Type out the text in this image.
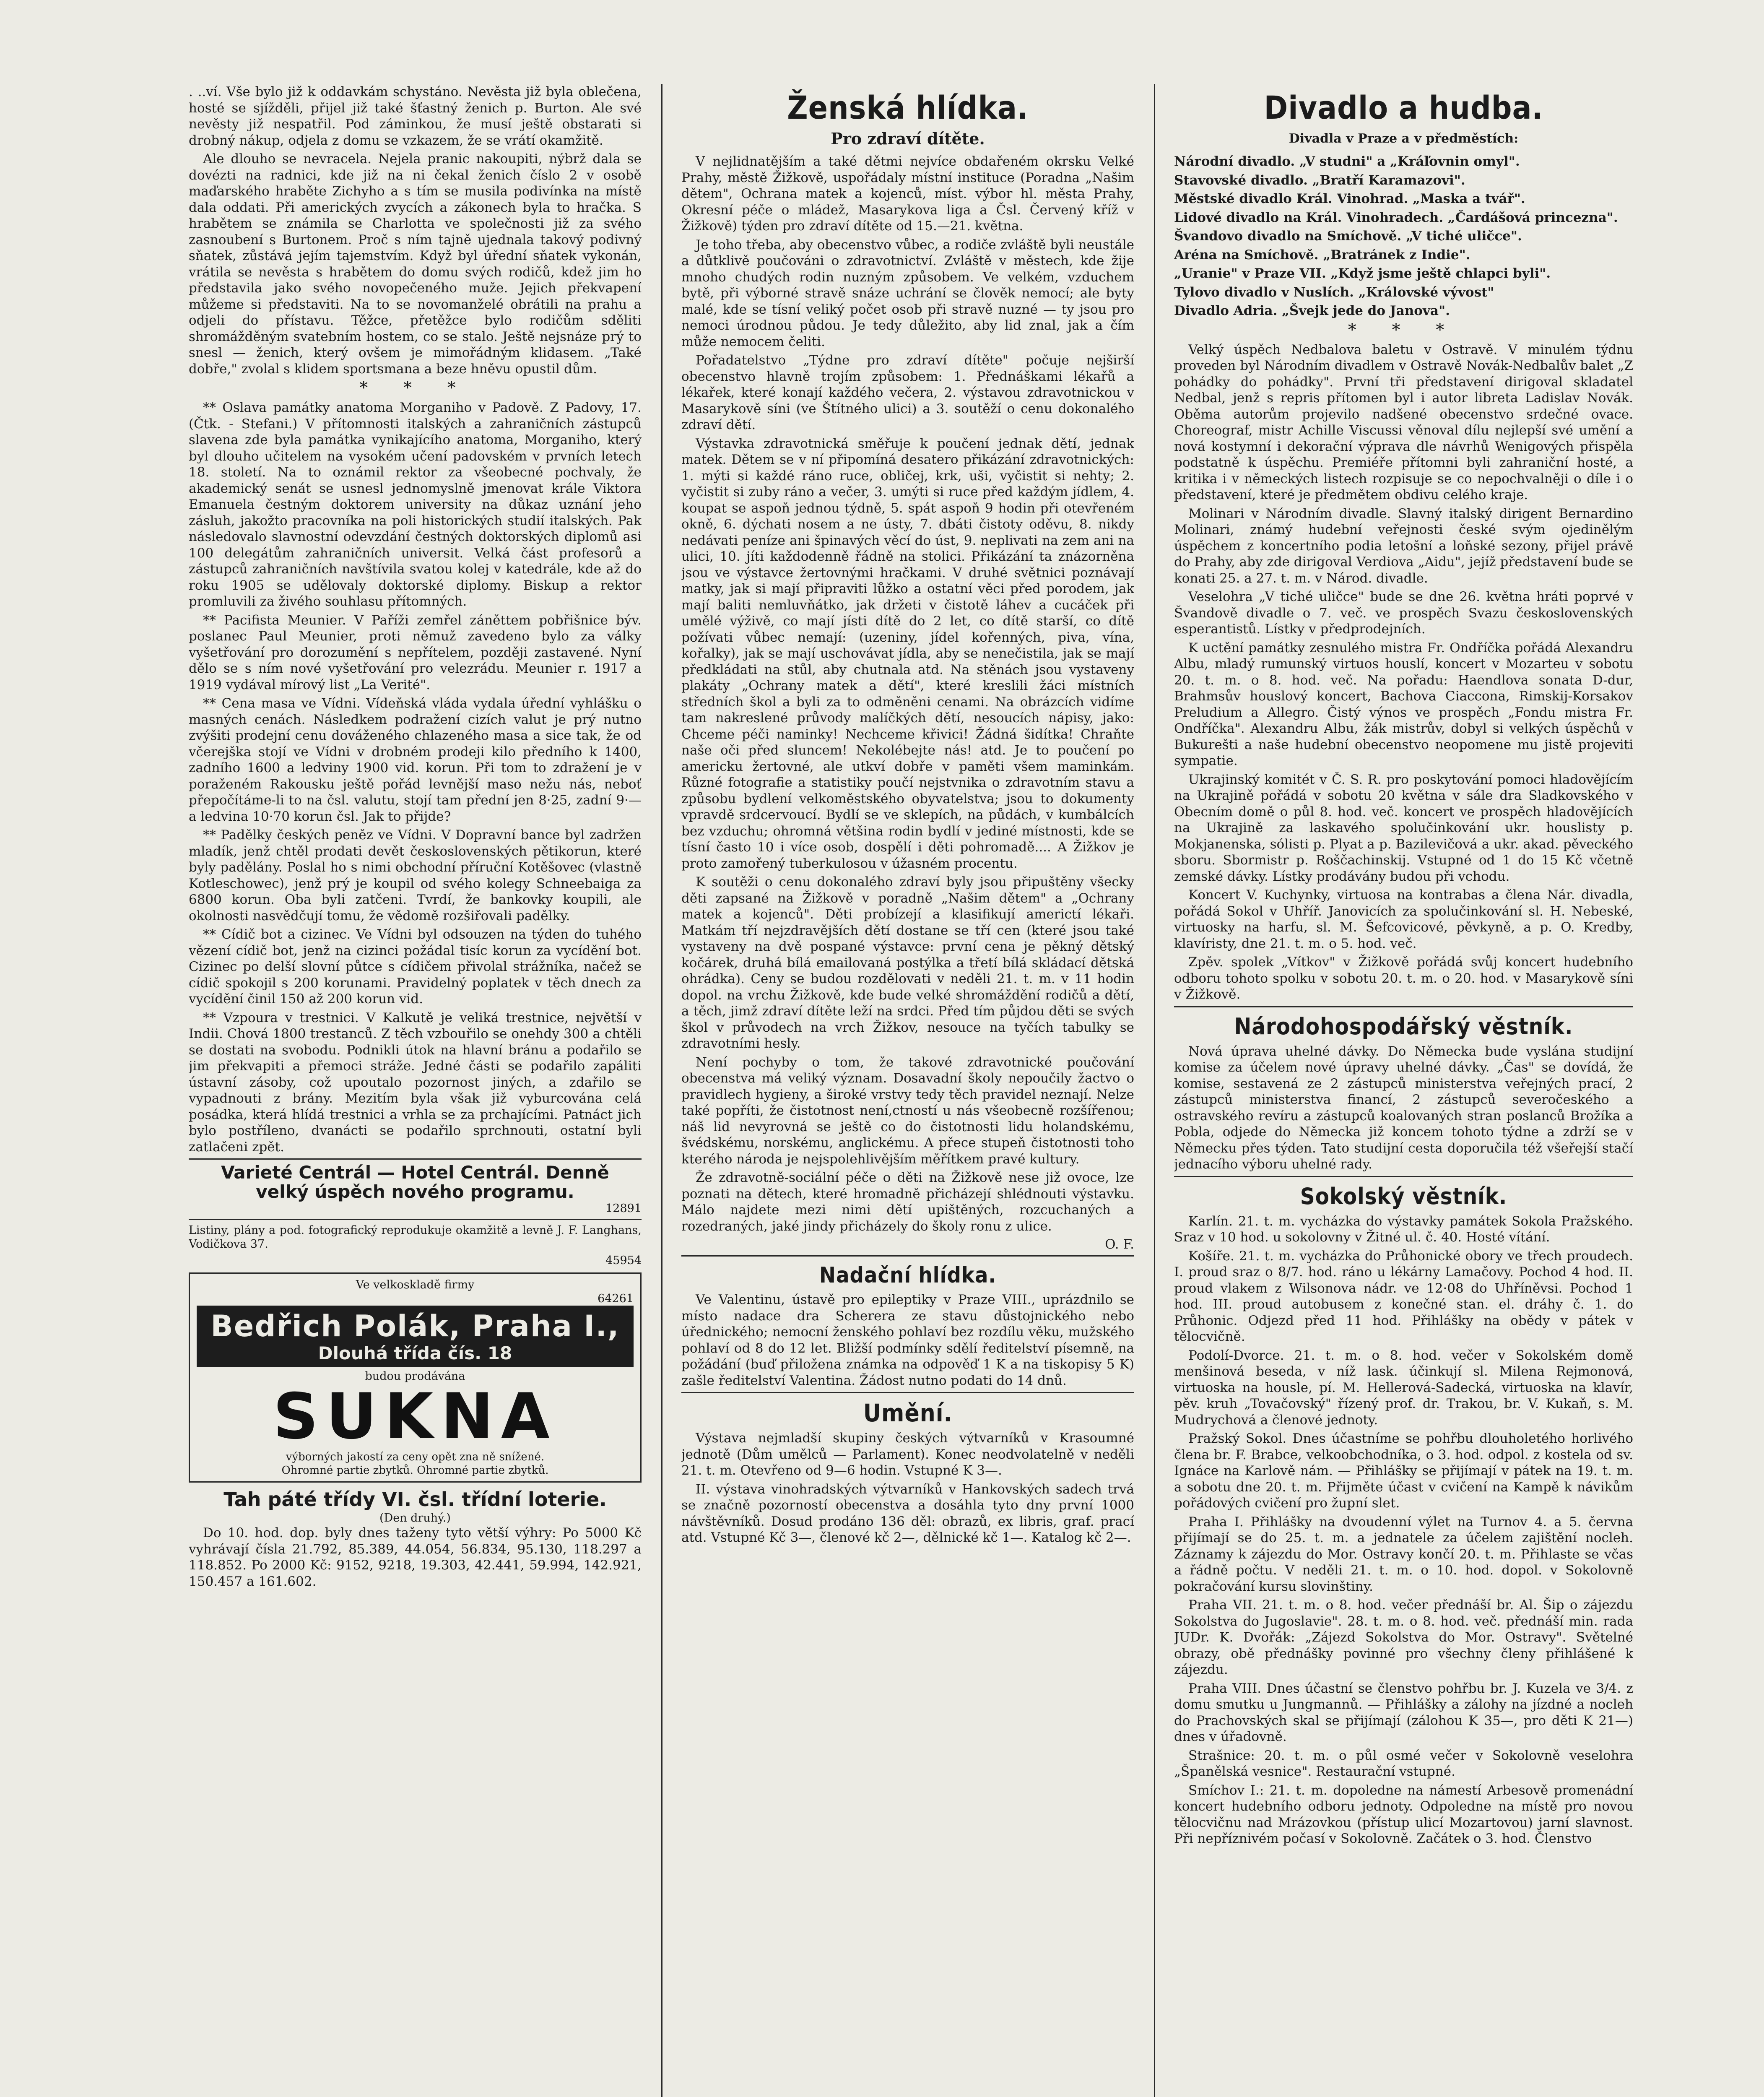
. ..ví. Vše bylo již k oddavkám schystáno. Nevěsta již byla oblečena, hosté se sjížděli, přijel již také šťastný ženich p. Burton. Ale své nevěsty již nespatřil. Pod záminkou, že musí ještě obstarati si drobný nákup, odjela z domu se vzkazem, že se vrátí okamžitě.

Ale dlouho se nevracela. Nejela pranic nakoupiti, nýbrž dala se dovézti na radnici, kde již na ni čekal ženich číslo 2 v osobě maďarského hraběte Zichyho a s tím se musila podivínka na místě dala oddati. Při amerických zvycích a zákonech byla to hračka. S hrabětem se známila se Charlotta ve společnosti již za svého zasnoubení s Burtonem. Proč s ním tajně ujednala takový podivný sňatek, zůstává jejím tajemstvím. Když byl úřední sňatek vykonán, vrátila se nevěsta s hrabětem do domu svých rodičů, kdež jim ho představila jako svého novopečeného muže. Jejich překvapení můžeme si představiti. Na to se novomanželé obrátili na prahu a odjeli do přístavu. Těžce, přetěžce bylo rodičům sděliti shromážděným svatebním hostem, co se stalo. Ještě nejsnáze prý to snesl — ženich, který ovšem je mimořádným klidasem. „Také dobře," zvolal s klidem sportsmana a beze hněvu opustil dům.

* * *

** Oslava památky anatoma Morganiho v Padově. Z Padovy, 17. (Čtk. - Stefani.) V přítomnosti italských a zahraničních zástupců slavena zde byla památka vynikajícího anatoma, Morganiho, který byl dlouho učitelem na vysokém učení padovském v prvních letech 18. století. Na to oznámil rektor za všeobecné pochvaly, že akademický senát se usnesl jednomyslně jmenovat krále Viktora Emanuela čestným doktorem university na důkaz uznání jeho zásluh, jakožto pracovníka na poli historických studií italských. Pak následovalo slavnostní odevzdání čestných doktorských diplomů asi 100 delegátům zahraničních universit. Velká část profesorů a zástupců zahraničních navštívila svatou kolej v katedrále, kde až do roku 1905 se udělovaly doktorské diplomy. Biskup a rektor promluvili za živého souhlasu přítomných.

** Pacifista Meunier. V Paříži zemřel záněttem pobřišnice býv. poslanec Paul Meunier, proti němuž zavedeno bylo za války vyšetřování pro dorozumění s nepřítelem, později zastavené. Nyní dělo se s ním nové vyšetřování pro velezrádu. Meunier r. 1917 a 1919 vydával mírový list „La Verité".

** Cena masa ve Vídni. Vídeňská vláda vydala úřední vyhlášku o masných cenách. Následkem podražení cizích valut je prý nutno zvýšiti prodejní cenu dováženého chlazeného masa a sice tak, že od včerejška stojí ve Vídni v drobném prodeji kilo předního k 1400, zadního 1600 a ledviny 1900 vid. korun. Při tom to zdražení je v poraženém Rakousku ještě pořád levnější maso nežu nás, neboť přepočítáme-li to na čsl. valutu, stojí tam přední jen 8·25, zadní 9·— a ledvina 10·70 korun čsl. Jak to přijde?

** Padělky českých peněz ve Vídni. V Dopravní bance byl zadržen mladík, jenž chtěl prodati devět československých pětikorun, které byly padělány. Poslal ho s nimi obchodní příruční Kotěšovec (vlastně Kotleschowec), jenž prý je koupil od svého kolegy Schneebaiga za 6800 korun. Oba byli zatčeni. Tvrdí, že bankovky koupili, ale okolnosti nasvědčují tomu, že vědomě rozšiřovali padělky.

** Cídič bot a cizinec. Ve Vídni byl odsouzen na týden do tuhého vězení cídič bot, jenž na cizinci požádal tisíc korun za vycídění bot. Cizinec po delší slovní půtce s cídičem přivolal strážníka, načež se cídič spokojil s 200 korunami. Pravidelný poplatek v těch dnech za vycídění činil 150 až 200 korun vid.

** Vzpoura v trestnici. V Kalkutě je veliká trestnice, největší v Indii. Chová 1800 trestanců. Z těch vzbouřilo se onehdy 300 a chtěli se dostati na svobodu. Podnikli útok na hlavní bránu a podařilo se jim překvapiti a přemoci stráže. Jedné části se podařilo zapáliti ústavní zásoby, což upoutalo pozornost jiných, a zdařilo se vypadnouti z brány. Mezitím byla však již vyburcována celá posádka, která hlídá trestnici a vrhla se za prchajícími. Patnáct jich bylo postříleno, dvanácti se podařilo sprchnouti, ostatní byli zatlačeni zpět.

Varieté Centrál — Hotel Centrál. Denně
velký úspěch nového programu.
12891

Listiny, plány a pod. fotografický reprodukuje okamžitě a levně J. F. Langhans, Vodičkova 37.

45954
Ve velkoskladě firmy
64261
Bedřich Polák, Praha I.,
Dlouhá třída čís. 18
budou prodávána
SUKNA
výborných jakostí za ceny opět zna ně snížené.
Ohromné partie zbytků. Ohromné partie zbytků.
Tah páté třídy VI. čsl. třídní loterie.
(Den druhý.)

Do 10. hod. dop. byly dnes taženy tyto větší výhry: Po 5000 Kč vyhrávají čísla 21.792, 85.389, 44.054, 56.834, 95.130, 118.297 a 118.852. Po 2000 Kč: 9152, 9218, 19.303, 42.441, 59.994, 142.921, 150.457 a 161.602.

Ženská hlídka.
Pro zdraví dítěte.

V nejlidnatějším a také dětmi nejvíce obdařeném okrsku Velké Prahy, městě Žižkově, uspořádaly místní instituce (Poradna „Našim dětem", Ochrana matek a kojenců, míst. výbor hl. města Prahy, Okresní péče o mládež, Masarykova liga a Čsl. Červený kříž v Žižkově) týden pro zdraví dítěte od 15.—21. května.

Je toho třeba, aby obecenstvo vůbec, a rodiče zvláště byli neustále a důtklivě poučováni o zdravotnictví. Zvláště v městech, kde žije mnoho chudých rodin nuzným způsobem. Ve velkém, vzduchem bytě, při výborné stravě snáze uchrání se člověk nemocí; ale byty malé, kde se tísní veliký počet osob při stravě nuzné — ty jsou pro nemoci úrodnou půdou. Je tedy důležito, aby lid znal, jak a čím může nemocem čeliti.

Pořadatelstvo „Týdne pro zdraví dítěte" počuje nejširší obecenstvo hlavně trojím způsobem: 1. Přednáškami lékařů a lékařek, které konají každého večera, 2. výstavou zdravotnickou v Masarykově síni (ve Štítného ulici) a 3. soutěží o cenu dokonalého zdraví dětí.

Výstavka zdravotnická směřuje k poučení jednak dětí, jednak matek. Dětem se v ní připomíná desatero přikázání zdravotnických: 1. mýti si každé ráno ruce, obličej, krk, uši, vyčistit si nehty; 2. vyčistit si zuby ráno a večer, 3. umýti si ruce před každým jídlem, 4. koupat se aspoň jednou týdně, 5. spát aspoň 9 hodin při otevřeném okně, 6. dýchati nosem a ne ústy, 7. dbáti čistoty oděvu, 8. nikdy nedávati peníze ani špinavých věcí do úst, 9. neplivati na zem ani na ulici, 10. jíti každodenně řádně na stolici. Přikázání ta znázorněna jsou ve výstavce žertovnými hračkami. V druhé světnici poznávají matky, jak si mají připraviti lůžko a ostatní věci před porodem, jak mají baliti nemluvňátko, jak držeti v čistotě láhev a cucáček při umělé výživě, co mají jísti dítě do 2 let, co dítě starší, co dítě požívati vůbec nemají: (uzeniny, jídel kořenných, piva, vína, kořalky), jak se mají uschovávat jídla, aby se nenečistila, jak se mají předkládati na stůl, aby chutnala atd. Na stěnách jsou vystaveny plakáty „Ochrany matek a dětí", které kreslili žáci místních středních škol a byli za to odměněni cenami. Na obrázcích vidíme tam nakreslené průvody malíčkých dětí, nesoucích nápisy, jako: Chceme péči naminky! Nechceme křivici! Žádná šidítka! Chraňte naše oči před sluncem! Nekolébejte nás! atd. Je to poučení po americku žertovné, ale utkví dobře v paměti všem maminkám. Různé fotografie a statistiky poučí nejstvnika o zdravotním stavu a způsobu bydlení velkoměstského obyvatelstva; jsou to dokumenty vpravdě srdcervoucí. Bydlí se ve sklepích, na půdách, v kumbálcích bez vzduchu; ohromná většina rodin bydlí v jediné místnosti, kde se tísní často 10 i více osob, dospělí i děti pohromadě.... A Žižkov je proto zamořený tuberkulosou v úžasném procentu.

K soutěži o cenu dokonalého zdraví byly jsou připuštěny všecky děti zapsané na Žižkově v poradně „Našim dětem" a „Ochrany matek a kojenců". Děti probízejí a klasifikují americtí lékaři. Matkám tří nejzdravějších dětí dostane se tří cen (které jsou také vystaveny na dvě pospané výstavce: první cena je pěkný dětský kočárek, druhá bílá emailovaná postýlka a třetí bílá skládací dětská ohrádka). Ceny se budou rozdělovati v neděli 21. t. m. v 11 hodin dopol. na vrchu Žižkově, kde bude velké shromáždění rodičů a dětí, a těch, jimž zdraví dítěte leží na srdci. Před tím půjdou děti se svých škol v průvodech na vrch Žižkov, nesouce na tyčích tabulky se zdravotními hesly.

Není pochyby o tom, že takové zdravotnické poučování obecenstva má veliký význam. Dosavadní školy nepoučily žactvo o pravidlech hygieny, a široké vrstvy tedy těch pravidel neznají. Nelze také popříti, že čistotnost není,ctností u nás všeobecně rozšířenou; náš lid nevyrovná se ještě co do čistotnosti lidu holandskému, švédskému, norskému, anglickému. A přece stupeň čistotnosti toho kterého národa je nejspolehlivějším měřítkem pravé kultury.

Že zdravotně-sociální péče o děti na Žižkově nese již ovoce, lze poznati na dětech, které hromadně přicházejí shlédnouti výstavku. Málo najdete mezi nimi dětí upištěných, rozcuchaných a rozedraných, jaké jindy přicházely do školy ronu z ulice.

O. F.
Nadační hlídka.

Ve Valentinu, ústavě pro epileptiky v Praze VIII., uprázdnilo se místo nadace dra Scherera ze stavu důstojnického nebo úřednického; nemocní ženského pohlaví bez rozdílu věku, mužského pohlaví od 8 do 12 let. Bližší podmínky sdělí ředitelství písemně, na požádání (buď přiložena známka na odpověď 1 K a na tiskopisy 5 K) zašle ředitelství Valentina. Žádost nutno podati do 14 dnů.

Umění.

Výstava nejmladší skupiny českých výtvarníků v Krasoumné jednotě (Dům umělců — Parlament). Konec neodvolatelně v neděli 21. t. m. Otevřeno od 9—6 hodin. Vstupné K 3—.

II. výstava vinohradských výtvarníků v Hankovských sadech trvá se značně pozorností obecenstva a dosáhla tyto dny první 1000 návštěvníků. Dosud prodáno 136 děl: obrazů, ex libris, graf. prací atd. Vstupné Kč 3—, členové kč 2—, dělnické kč 1—. Katalog kč 2—.

Divadlo a hudba.
Divadla v Praze a v předměstích:

Národní divadlo. „V studni" a „Kráľovnin omyl".

Stavovské divadlo. „Bratří Karamazovi".

Městské divadlo Král. Vinohrad. „Maska a tvář".

Lidové divadlo na Král. Vinohradech. „Čardášová princezna".

Švandovo divadlo na Smíchově. „V tiché uličce".

Aréna na Smíchově. „Bratránek z Indie".

„Uranie" v Praze VII. „Když jsme ještě chlapci byli".

Tylovo divadlo v Nuslích. „Královské vývost"

Divadlo Adria. „Švejk jede do Janova".

* * *

Velký úspěch Nedbalova baletu v Ostravě. V minulém týdnu proveden byl Národním divadlem v Ostravě Novák-Nedbalův balet „Z pohádky do pohádky". První tři představení dirigoval skladatel Nedbal, jenž s repris přítomen byl i autor libreta Ladislav Novák. Oběma autorům projevilo nadšené obecenstvo srdečné ovace. Choreograf, mistr Achille Viscussi věnoval dílu nejlepší své umění a nová kostymní i dekorační výprava dle návrhů Wenigových přispěla podstatně k úspěchu. Premiéře přítomni byli zahraniční hosté, a kritika i v německých listech rozpisuje se co nepochvalněji o díle i o představení, které je předmětem obdivu celého kraje.

Molinari v Národním divadle. Slavný italský dirigent Bernardino Molinari, známý hudební veřejnosti české svým ojedinělým úspěchem z koncertního podia letošní a loňské sezony, přijel právě do Prahy, aby zde dirigoval Verdiova „Aidu", jejíž představení bude se konati 25. a 27. t. m. v Národ. divadle.

Veselohra „V tiché uličce" bude se dne 26. května hráti poprvé v Švandově divadle o 7. več. ve prospěch Svazu československých esperantistů. Lístky v předprodejních.

K uctění památky zesnulého mistra Fr. Ondříčka pořádá Alexandru Albu, mladý rumunský virtuos houslí, koncert v Mozarteu v sobotu 20. t. m. o 8. hod. več. Na pořadu: Haendlova sonata D-dur, Brahmsův houslový koncert, Bachova Ciaccona, Rimskij-Korsakov Preludium a Allegro. Čistý výnos ve prospěch „Fondu mistra Fr. Ondříčka". Alexandru Albu, žák mistrův, dobyl si velkých úspěchů v Bukurešti a naše hudební obecenstvo neopomene mu jistě projeviti sympatie.

Ukrajinský komitét v Č. S. R. pro poskytování pomoci hladovějícím na Ukrajině pořádá v sobotu 20 května v sále dra Sladkovského v Obecním domě o půl 8. hod. več. koncert ve prospěch hladovějících na Ukrajině za laskavého spolučinkování ukr. houslisty p. Mokjanenska, sólisti p. Plyat a p. Bazilevičová a ukr. akad. pěveckého sboru. Sbormistr p. Roščachinskij. Vstupné od 1 do 15 Kč včetně zemské dávky. Lístky prodávány budou při vchodu.

Koncert V. Kuchynky, virtuosa na kontrabas a člena Nár. divadla, pořádá Sokol v Uhříř. Janovicích za spolučinkování sl. H. Nebeské, virtuosky na harfu, sl. M. Šefcovicové, pěvkyně, a p. O. Kredby, klavíristy, dne 21. t. m. o 5. hod. več.

Zpěv. spolek „Vítkov" v Žižkově pořádá svůj koncert hudebního odboru tohoto spolku v sobotu 20. t. m. o 20. hod. v Masarykově síni v Žižkově.

Národohospodářský věstník.

Nová úprava uhelné dávky. Do Německa bude vyslána studijní komise za účelem nové úpravy uhelné dávky. „Čas" se dovídá, že komise, sestavená ze 2 zástupců ministerstva veřejných prací, 2 zástupců ministerstva financí, 2 zástupců severočeského a ostravského revíru a zástupců koalovaných stran poslanců Brožíka a Pobla, odjede do Německa již koncem tohoto týdne a zdrží se v Německu přes týden. Tato studijní cesta doporučila též všeřejší stačí jednacího výboru uhelné rady.

Sokolský věstník.

Karlín. 21. t. m. vycházka do výstavky památek Sokola Pražského. Sraz v 10 hod. u sokolovny v Žitné ul. č. 40. Hosté vítání.

Košíře. 21. t. m. vycházka do Průhonické obory ve třech proudech. I. proud sraz o 8/7. hod. ráno u lékárny Lamačovy. Pochod 4 hod. II. proud vlakem z Wilsonova nádr. ve 12·08 do Uhříněvsi. Pochod 1 hod. III. proud autobusem z konečné stan. el. dráhy č. 1. do Průhonic. Odjezd před 11 hod. Přihlášky na obědy v pátek v tělocvičně.

Podolí-Dvorce. 21. t. m. o 8. hod. večer v Sokolském domě menšinová beseda, v níž lask. účinkují sl. Milena Rejmonová, virtuoska na housle, pí. M. Hellerová-Sadecká, virtuoska na klavír, pěv. kruh „Tovačovský" řízený prof. dr. Trakou, br. V. Kukaň, s. M. Mudrychová a členové jednoty.

Pražský Sokol. Dnes účastníme se pohřbu dlouholetého horlivého člena br. F. Brabce, velkoobchodníka, o 3. hod. odpol. z kostela od sv. Ignáce na Karlově nám. — Přihlášky se přijímají v pátek na 19. t. m. a sobotu dne 20. t. m. Přijměte účast v cvičení na Kampě k návikům pořádových cvičení pro župní slet.

Praha I. Přihlášky na dvoudenní výlet na Turnov 4. a 5. června přijímají se do 25. t. m. a jednatele za účelem zajištění nocleh. Záznamy k zájezdu do Mor. Ostravy končí 20. t. m. Přihlaste se včas a řádně počtu. V neděli 21. t. m. o 10. hod. dopol. v Sokolovně pokračování kursu slovinštiny.

Praha VII. 21. t. m. o 8. hod. večer přednáší br. Al. Šip o zájezdu Sokolstva do Jugoslavie". 28. t. m. o 8. hod. več. přednáší min. rada JUDr. K. Dvořák: „Zájezd Sokolstva do Mor. Ostravy". Světelné obrazy, obě přednášky povinné pro všechny členy přihlášené k zájezdu.

Praha VIII. Dnes účastní se členstvo pohřbu br. J. Kuzela ve 3/4. z domu smutku u Jungmannů. — Přihlášky a zálohy na jízdné a nocleh do Prachovských skal se přijímají (zálohou K 35—, pro děti K 21—) dnes v úřadovně.

Strašnice: 20. t. m. o půl osmé večer v Sokolovně veselohra „Španělská vesnice". Restaurační vstupné.

Smíchov I.: 21. t. m. dopoledne na námestí Arbesově promenádní koncert hudebního odboru jednoty. Odpoledne na místě pro novou tělocvičnu nad Mrázovkou (přístup ulicí Mozartovou) jarní slavnost. Při nepříznivém počasí v Sokolovně. Začátek o 3. hod. Členstvo
